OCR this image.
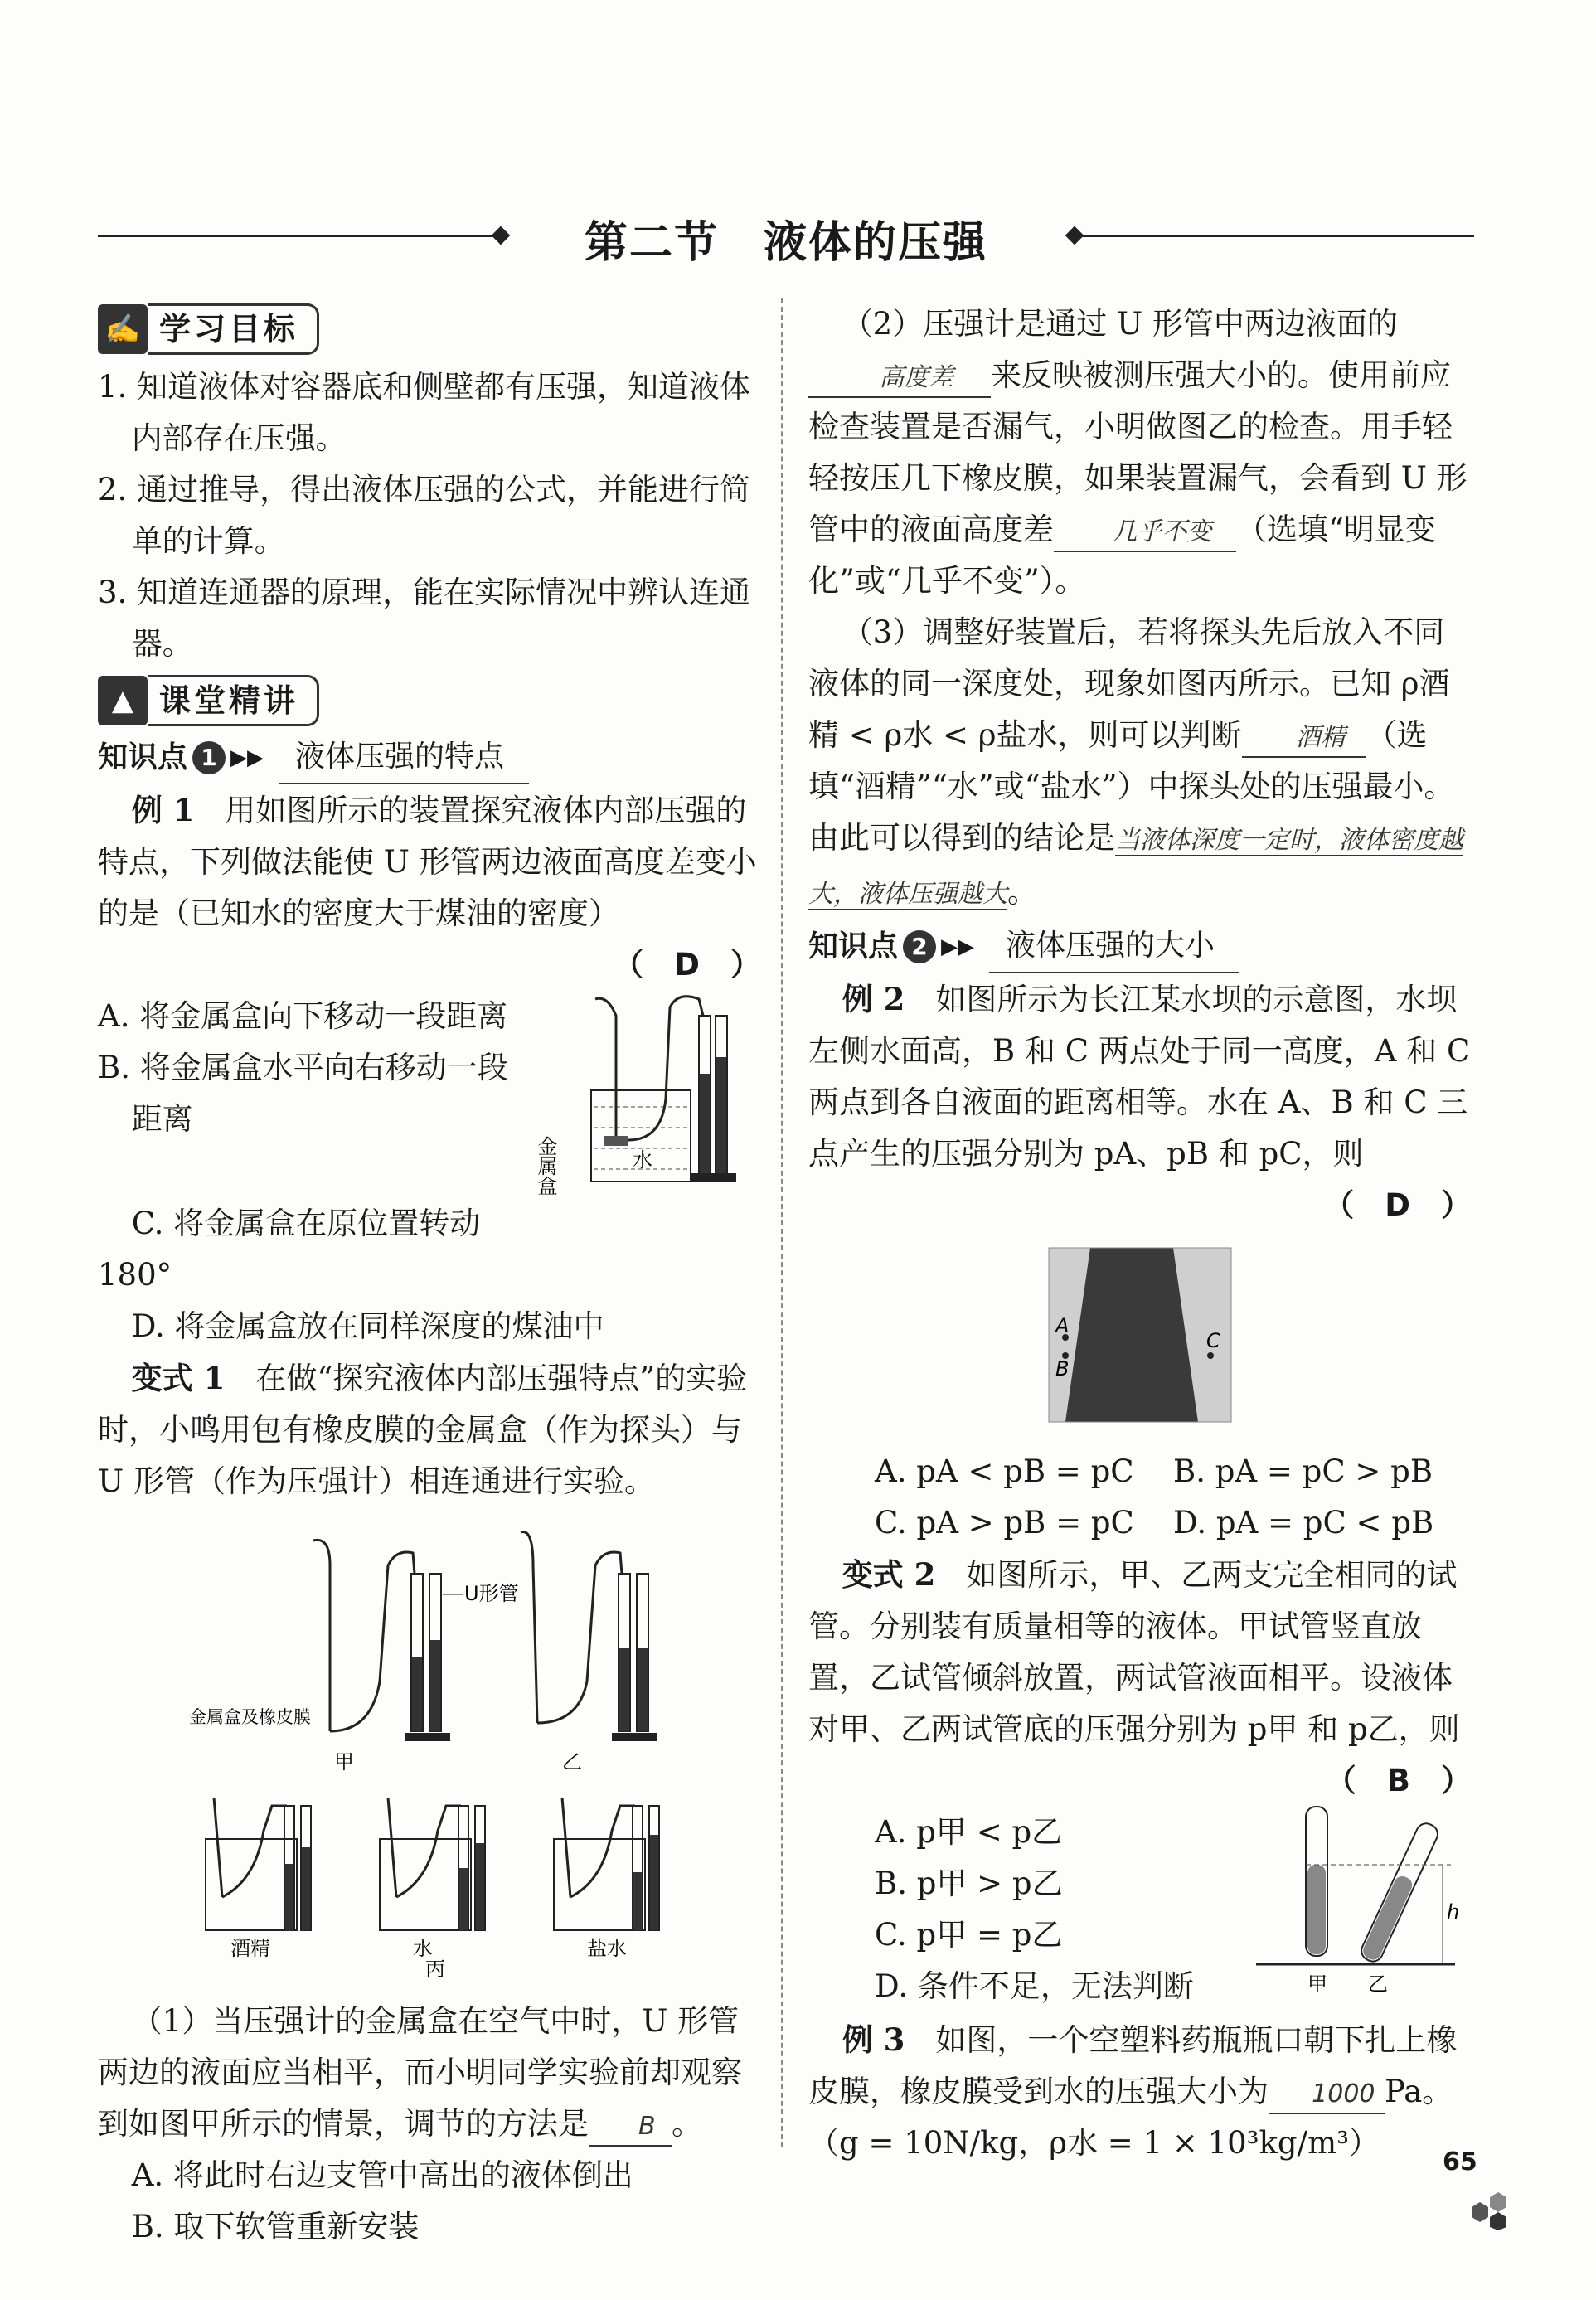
第二节　液体的压强
✍ 学习目标

1. 知道液体对容器底和侧壁都有压强，知道液体内部存在压强。

2. 通过推导，得出液体压强的公式，并能进行简单的计算。

3. 知道连通器的原理，能在实际情况中辨认连通器。

▲ 课堂精讲
知识点 1 ▶▶	液体压强的特点

例 1　 用如图所示的装置探究液体内部压强的特点，下列做法能使 U 形管两边液面高度差变小的是（已知水的密度大于煤油的密度）

（　D　）

A. 将金属盒向下移动一段距离

B. 将金属盒水平向右移动一段距离

金属盒	水

C. 将金属盒在原位置转动 180°

D. 将金属盒放在同样深度的煤油中

变式 1　 在做“探究液体内部压强特点”的实验时，小鸣用包有橡皮膜的金属盒（作为探头）与 U 形管（作为压强计）相连通进行实验。

U形管
金属盒及橡皮膜
甲	乙
酒精	水
丙
盐水

（1）当压强计的金属盒在空气中时，U 形管两边的液面应当相平，而小明同学实验前却观察到如图甲所示的情景，调节的方法是 B 。

A. 将此时右边支管中高出的液体倒出

B. 取下软管重新安装

（2）压强计是通过 U 形管中两边液面的高度差 来反映被测压强大小的。使用前应检查装置是否漏气，小明做图乙的检查。用手轻轻按压几下橡皮膜，如果装置漏气，会看到 U 形管中的液面高度差 几乎不变 （选填“明显变化”或“几乎不变”）。

（3）调整好装置后，若将探头先后放入不同液体的同一深度处，现象如图丙所示。已知 ρ酒精 < ρ水 < ρ盐水，则可以判断 酒精 （选填“酒精”“水”或“盐水”）中探头处的压强最小。由此可以得到的结论是当液体深度一定时，液体密度越大，液体压强越大。

知识点 2 ▶▶	液体压强的大小

例 2　 如图所示为长江某水坝的示意图，水坝左侧水面高，B 和 C 两点处于同一高度，A 和 C 两点到各自液面的距离相等。水在 A、B 和 C 三点产生的压强分别为 pA、pB 和 pC，则

（　D　）

A
B
C

A. pA < pB = pC	B. pA = pC > pB

C. pA > pB = pC	D. pA = pC < pB

变式 2　 如图所示，甲、乙两支完全相同的试管。分别装有质量相等的液体。甲试管竖直放置，乙试管倾斜放置，两试管液面相平。设液体对甲、乙两试管底的压强分别为 p甲 和 p乙，则

（　B　）

A. p甲 < p乙

B. p甲 > p乙

C. p甲 = p乙

D. 条件不足，无法判断

h
甲 乙

例 3　 如图，一个空塑料药瓶瓶口朝下扎上橡皮膜，橡皮膜受到水的压强大小为 1000 Pa。

（g = 10N/kg，ρ水 = 1 × 10³kg/m³）

65
